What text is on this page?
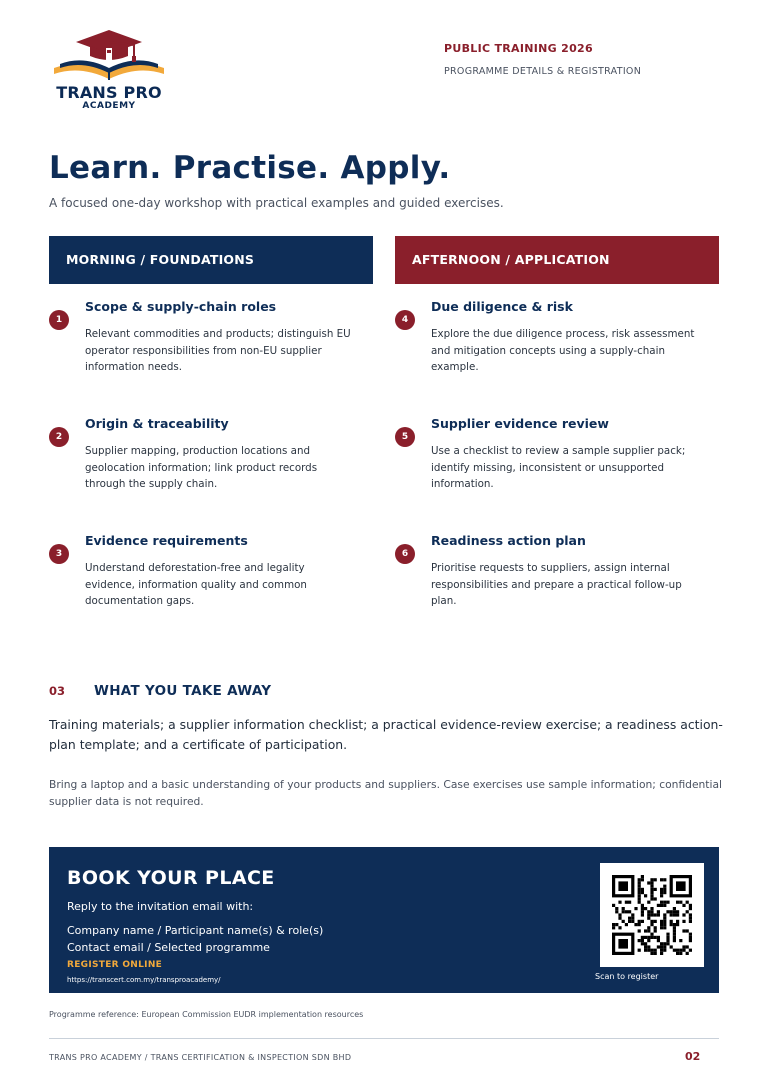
TRANS PRO
ACADEMY
PUBLIC TRAINING 2026
PROGRAMME DETAILS & REGISTRATION
Learn. Practise. Apply.
A focused one-day workshop with practical examples and guided exercises.
MORNING / FOUNDATIONS	AFTERNOON / APPLICATION
1
Scope & supply-chain roles

Relevant commodities and products; distinguish EU operator responsibilities from non-EU supplier information needs.

2
Origin & traceability

Supplier mapping, production locations and geolocation information; link product records through the supply chain.

3
Evidence requirements

Understand deforestation-free and legality evidence, information quality and common documentation gaps.

4
Due diligence & risk

Explore the due diligence process, risk assessment and mitigation concepts using a supply-chain example.

5
Supplier evidence review

Use a checklist to review a sample supplier pack; identify missing, inconsistent or unsupported information.

6
Readiness action plan

Prioritise requests to suppliers, assign internal responsibilities and prepare a practical follow-up plan.

03 WHAT YOU TAKE AWAY
Training materials; a supplier information checklist; a practical evidence-review exercise; a readiness action-plan template; and a certificate of participation.
Bring a laptop and a basic understanding of your products and suppliers. Case exercises use sample information; confidential supplier data is not required.
BOOK YOUR PLACE
Reply to the invitation email with:
Company name / Participant name(s) & role(s)
Contact email / Selected programme
REGISTER ONLINE
https://transcert.com.my/transproacademy/	Scan to register
Programme reference: European Commission EUDR implementation resources
TRANS PRO ACADEMY / TRANS CERTIFICATION & INSPECTION SDN BHD	02
